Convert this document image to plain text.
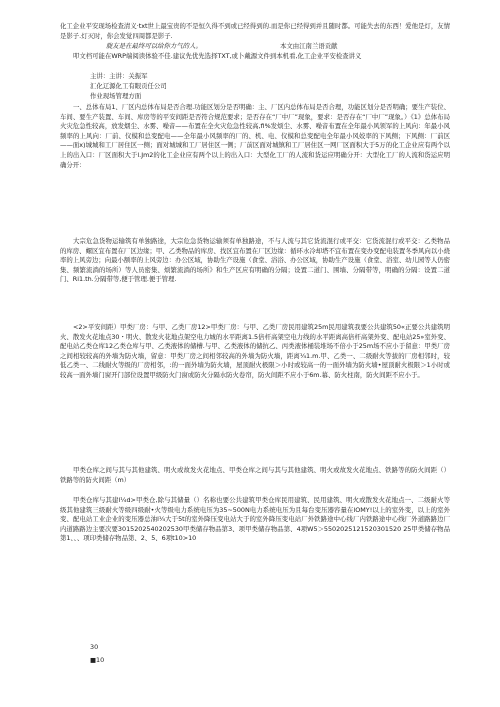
化工企业平安现场检查清义·txt世上最宝贵的不是恒久得不到或已经得到的.而是你已经得到并且随时都。可能失去的东西！爱他是灯，友情是影子.灯灭时，你会发觉四周都是影子.
胧友是在最终可以给你力气的人。	本文由江南兰语贡献
叩文档可能在WRP端阅读体验不佳.建议先优先选择TXT,或卜戴源文件到本机看,化工企业平安检查讲义
主讲：主讲：关振军
汇化辽源化工有眼贡任公司
作业现场管理方面
一、总体布局1、厂区内总体布局是否合理.功能区划分是否明确：主、厂区内总体布局是否合理，功能区划分是否明确；要生产装位、车间、要生产装置、车间、库房等的平安间距是否符合规范要求；是否存在“厂中厂”现象，要求：是否存在“厂中厂”现象。）《1》总体布局火灾危急性较高，放发烟尘、水雾、噪音——布置在全火灾危急性较高,fi%发烦尘、水雾、噪音布置在全年最小风领军的上风向：年最小风频率的上风向：厂前、仪模和总变配电——全年最小风频率的厂的、机、电、仪模和总变配电全年最小风姣率的下风侧；下风侧：厂前区——面x)城城和工厂居住区一侧；面对城城和工厂居住区一侧；厂前区面对城镇和工厂居住区一网厂区面积大于5万的化工企业应有两个以上的出入口：厂区面积大于l.Jm2的化工企业应有两个以上的出入口：大型化工厂的人流和货运应明确分开：大型化工厂的人流和货运应明确分开：
大宗危急货物运输筑有单独路途，大宗危急货物运输须有单独路途，不与人流与其它货流混行或平交：它货流混行或平交：乙类物品的库房、螺区宜布置在厂区边缘；甲、乙类物品的库房、找区宜布置在厂区边缘：循环水冷却塔不宜布置在变办变配电装置冬季风向以小烧率的上风旁边；向最小额率的上风旁边：办公区域，协助生产设施（食堂、浴浴、办公区域，协助生产设施（食堂、浴室、幼儿园等人仍密集、频繁流淌的场所）等人员密集、烦繁流淌的场所》和生产区应有明确的分隔；设置二道门、围墙、分隔带等，明确的分隔：设置二道门、Ri1.th.分隔带等,便于管理.便于管理.
<2>平安间距）甲类厂房：与甲、乙类厂房12>甲类厂房：与甲、乙类厂房民用建筑25m民用建筑我要公共建筑50«正要公共建筑明火、散发火花地点30・明火、散发火花地点架空电力城的水平距离1.5倍杆高架空电力线的水平距离高倍杆高架外变、配电站25»室外变、配电站乙类仓库12乙类仓库与甲、乙类液体的储槽.与甲、乙类液体的储抗乙、丙类液体桶装堆场不倍小于25m场不应小于留意：甲类厂房之间相较较高的外墙为防火墙，留意：甲类厂房之间相邻较高的外墙为防火墙，距离¼1.m.甲、乙类一、二级耐火等拔的厂房相邻时，较低乙类一、二线耐火等级的厂房相邻，:的一面外墙为防火墙，屋顶耐火极限＞小时或较高一的一面外墙为防火墙•屋顶耐火极限＞1小时或较高一面外墙门窗开门部位设置甲级防火门窗或防火分隔水防火卷帘，防火间距不应小于6m.幕、防火柱南，防火间距不应小于。
甲类仓库之间与其与其他建筑、明火或故发火花地点、甲类仓库之间与其与其他建筑、明火或故发火花地点、铁路等的防火间距（）铁路等的防火间距（m）
甲类仓库与其建l¼d>甲类仓,除与其储量（）名称也要公共建筑甲类仓库民用建筑、民用建筑、明火或散发火花地点一、二级耐火等级其他建筑三级耐火等级四级耐•火等级电力系统电压为35~500N电力系统电压为且每台变压器容量在lOMY!以上的室外变，以上的室外变、配电站工业企业的变压器总油l¼大于5t的室外降压变电站大于的室外降压变电站厂外铁路途中心线厂内铁路途中心线厂外道路路边厂内道路路边主要次要3015202540202530甲类储存物品第3、项甲类储存物品第、4项W5＞5502025121520301520 25甲类储存物品第1、、、项印类储存物品第、2、5、6项t10>10
30
■10
